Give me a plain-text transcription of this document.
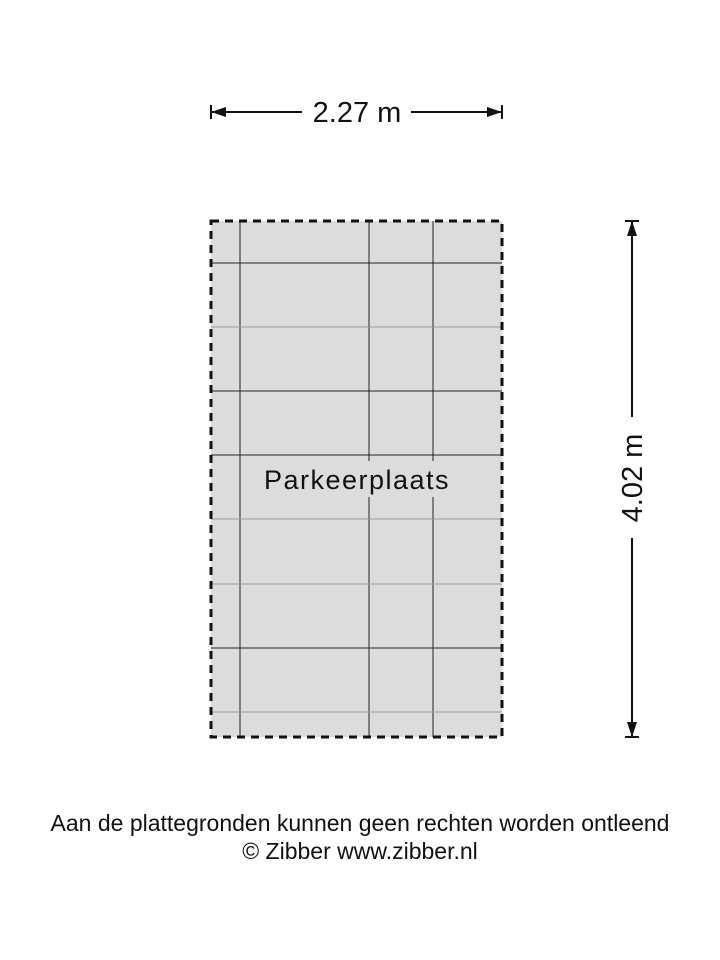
2.27 m
Parkeerplaats	4.02 m
Aan de plattegronden kunnen geen rechten worden ontleend
© Zibber www.zibber.nl
